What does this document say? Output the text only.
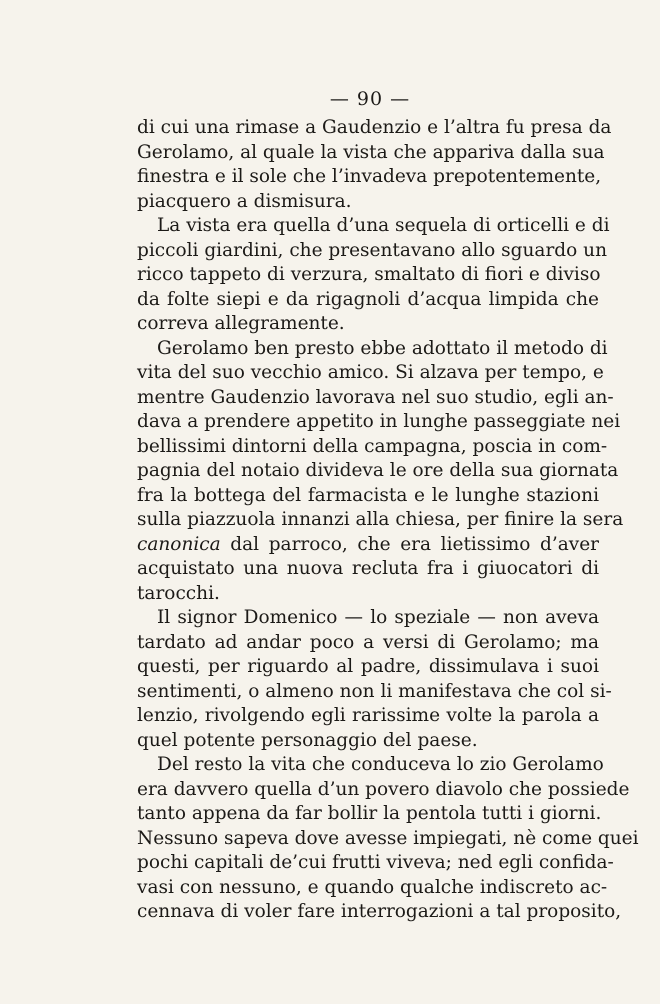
— 90 —
di cui una rimase a Gaudenzio e l’altra fu presa da
Gerolamo, al quale la vista che appariva dalla sua
finestra e il sole che l’invadeva prepotentemente,
piacquero a dismisura.
La vista era quella d’una sequela di orticelli e di
piccoli giardini, che presentavano allo sguardo un
ricco tappeto di verzura, smaltato di fiori e diviso
da folte siepi e da rigagnoli d’acqua limpida che
correva allegramente.
Gerolamo ben presto ebbe adottato il metodo di
vita del suo vecchio amico. Si alzava per tempo, e
mentre Gaudenzio lavorava nel suo studio, egli an-
dava a prendere appetito in lunghe passeggiate nei
bellissimi dintorni della campagna, poscia in com-
pagnia del notaio divideva le ore della sua giornata
fra la bottega del farmacista e le lunghe stazioni
sulla piazzuola innanzi alla chiesa, per finire la sera
canonica dal parroco, che era lietissimo d’aver
acquistato una nuova recluta fra i giuocatori di
tarocchi.
Il signor Domenico — lo speziale — non aveva
tardato ad andar poco a versi di Gerolamo; ma
questi, per riguardo al padre, dissimulava i suoi
sentimenti, o almeno non li manifestava che col si-
lenzio, rivolgendo egli rarissime volte la parola a
quel potente personaggio del paese.
Del resto la vita che conduceva lo zio Gerolamo
era davvero quella d’un povero diavolo che possiede
tanto appena da far bollir la pentola tutti i giorni.
Nessuno sapeva dove avesse impiegati, nè come quei
pochi capitali de’cui frutti viveva; ned egli confida-
vasi con nessuno, e quando qualche indiscreto ac-
cennava di voler fare interrogazioni a tal proposito,
